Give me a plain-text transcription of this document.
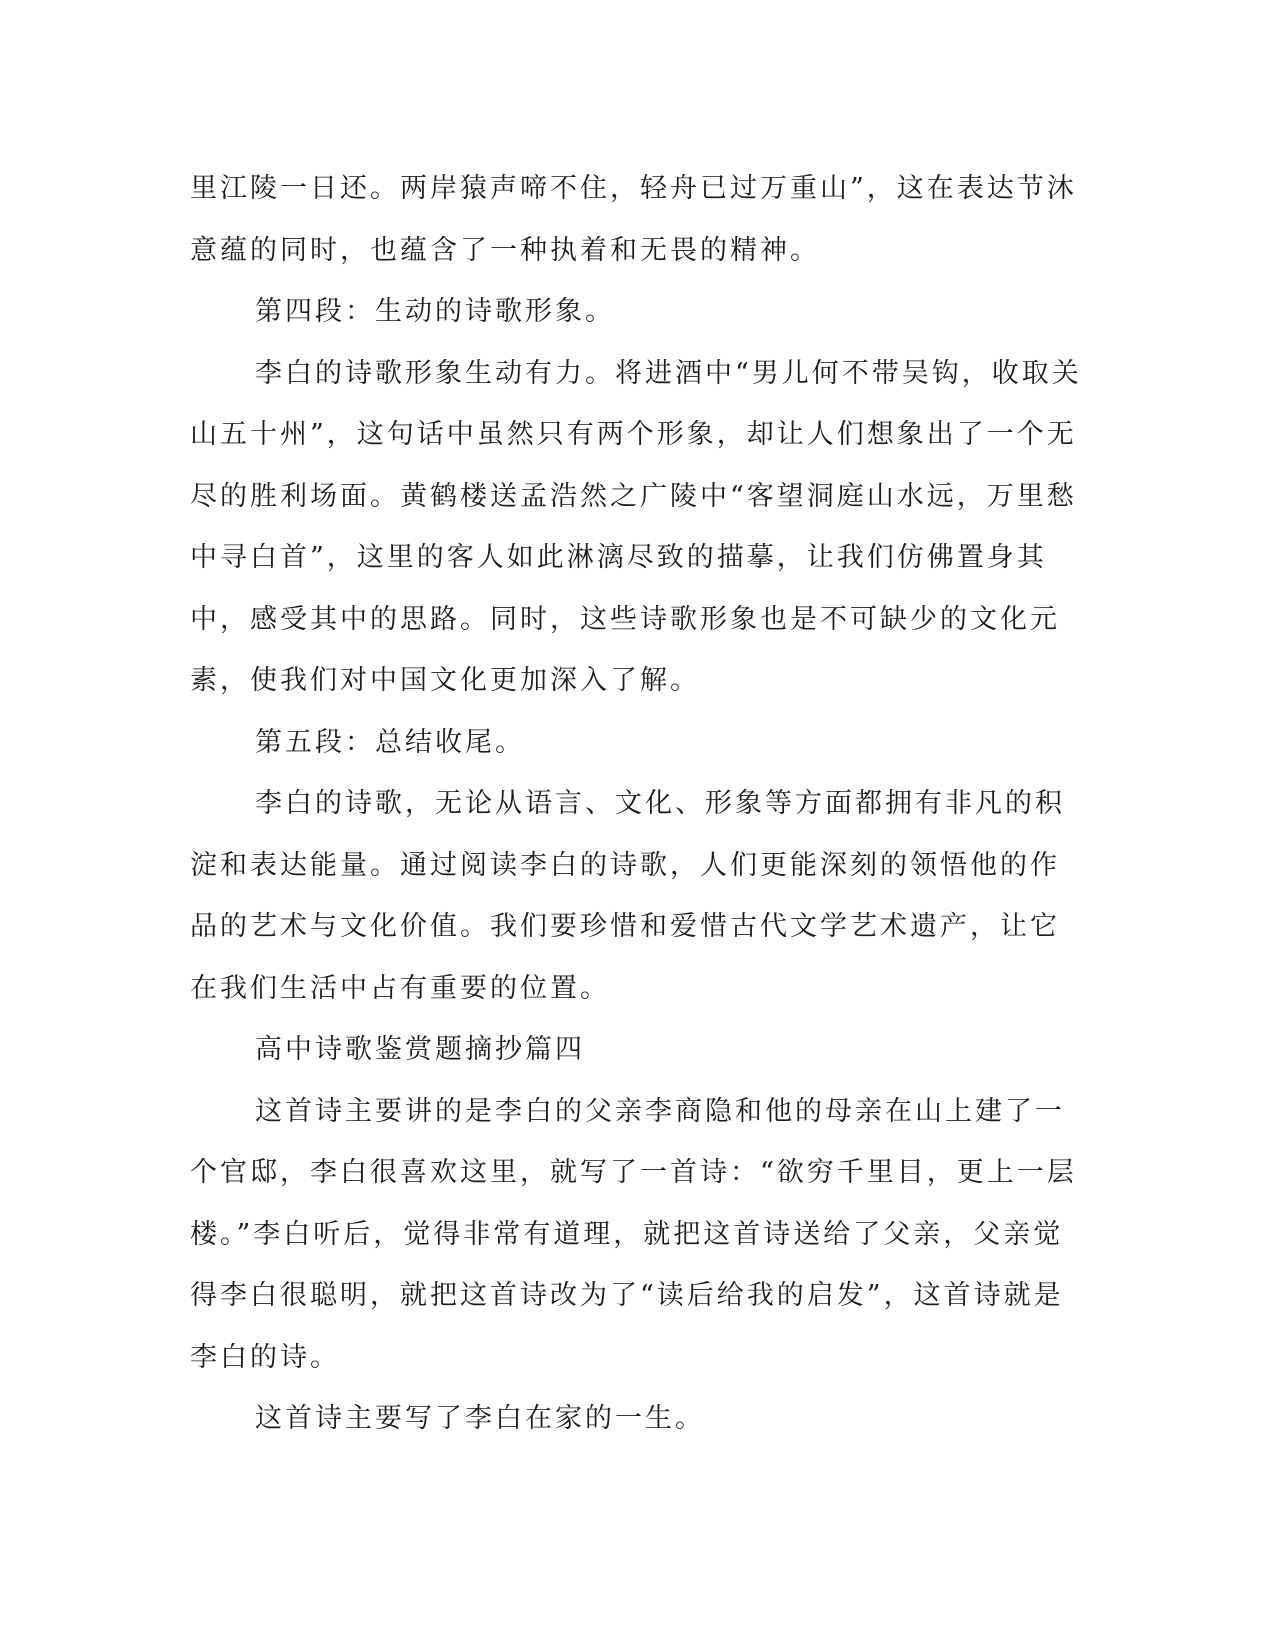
里江陵一日还。两岸猿声啼不住，轻舟已过万重山”，这在表达节沐意蕴的同时，也蕴含了一种执着和无畏的精神。

第四段：生动的诗歌形象。

李白的诗歌形象生动有力。将进酒中“男儿何不带吴钩，收取关山五十州”，这句话中虽然只有两个形象，却让人们想象出了一个无尽的胜利场面。黄鹤楼送孟浩然之广陵中“客望洞庭山水远，万里愁中寻白首”，这里的客人如此淋漓尽致的描摹，让我们仿佛置身其中，感受其中的思路。同时，这些诗歌形象也是不可缺少的文化元素，使我们对中国文化更加深入了解。

第五段：总结收尾。

李白的诗歌，无论从语言、文化、形象等方面都拥有非凡的积淀和表达能量。通过阅读李白的诗歌，人们更能深刻的领悟他的作品的艺术与文化价值。我们要珍惜和爱惜古代文学艺术遗产，让它在我们生活中占有重要的位置。

高中诗歌鉴赏题摘抄篇四

这首诗主要讲的是李白的父亲李商隐和他的母亲在山上建了一个官邸，李白很喜欢这里，就写了一首诗：“欲穷千里目，更上一层楼。”李白听后，觉得非常有道理，就把这首诗送给了父亲，父亲觉得李白很聪明，就把这首诗改为了“读后给我的启发”，这首诗就是李白的诗。

这首诗主要写了李白在家的一生。
